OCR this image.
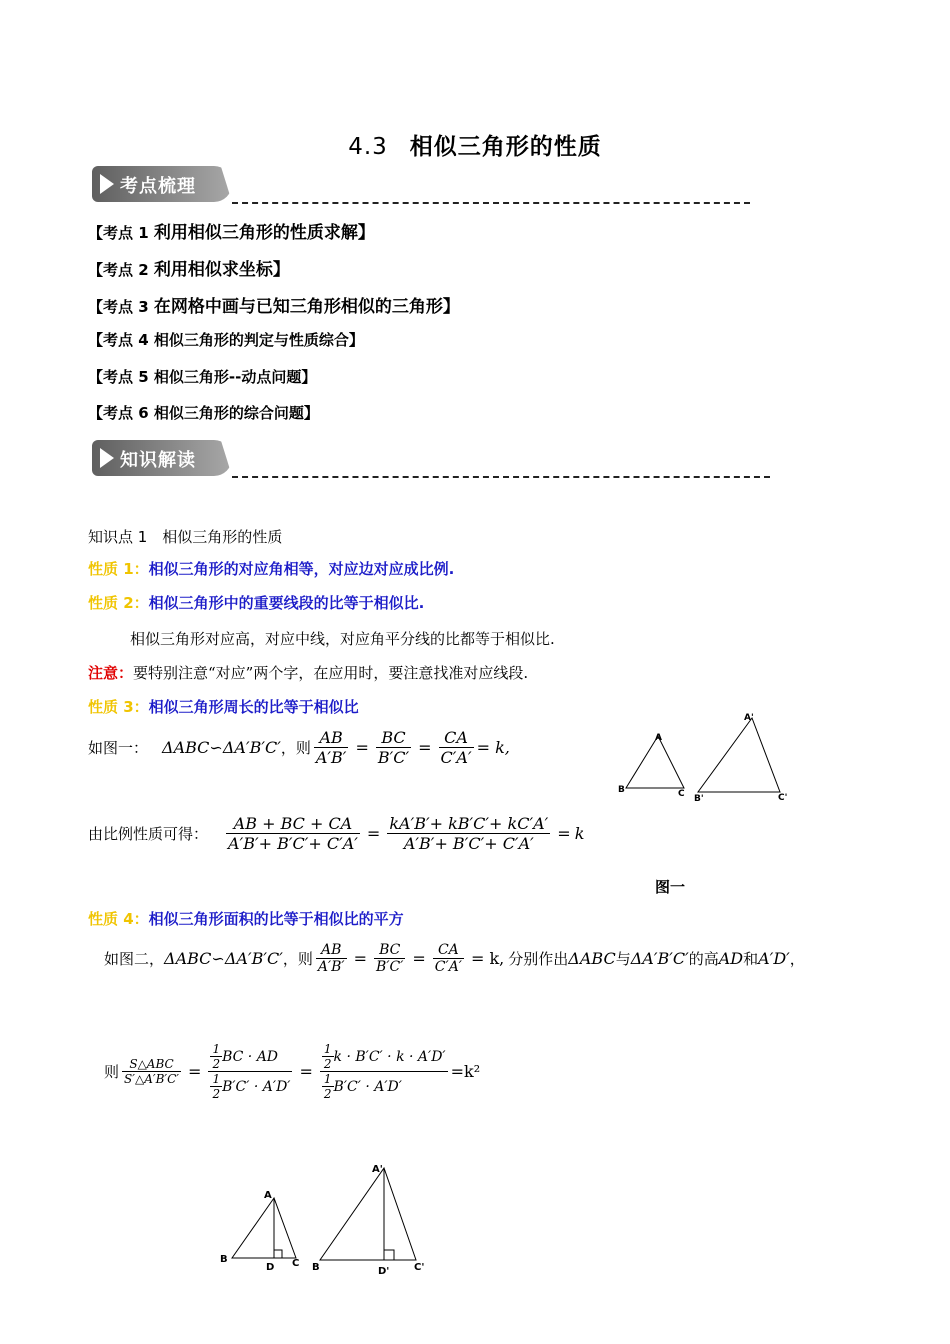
4.3 相似三角形的性质
考点梳理
【考点 1 利用相似三角形的性质求解】
【考点 2 利用相似求坐标】
【考点 3 在网格中画与已知三角形相似的三角形】
【考点 4 相似三角形的判定与性质综合】
【考点 5 相似三角形--动点问题】
【考点 6 相似三角形的综合问题】
知识解读
知识点 1　相似三角形的性质
性质 1：相似三角形的对应角相等，对应边对应成比例.
性质 2：相似三角形中的重要线段的比等于相似比.
相似三角形对应高，对应中线，对应角平分线的比都等于相似比.
注意：要特别注意“对应”两个字，在应用时，要注意找准对应线段.
性质 3：相似三角形周长的比等于相似比
如图一： ΔABC∽ΔA′B′C′ ，则 $\frac{AB}{A'B'} = \frac{BC}{B'C'} = \frac{CA}{C'A'} = k$,	A
B	C
A'
B'	C'
由比例性质可得： $\frac{AB + BC + CA}{A'B'+ B'C'+ C'A'} = \frac{kA'B'+ kB'C'+ kC'A'}{A'B'+ B'C'+ C'A'} = k$
图一
性质 4：相似三角形面积的比等于相似比的平方
如图二， ΔABC∽ΔA′B′C′ ，则 $\frac{AB}{A'B'} = \frac{BC}{B'C'} = \frac{CA}{C'A'} = k$, 分别作出 ΔABC 与 ΔA′B′C′ 的高 AD 和 A′D′ ，
则 $\frac{\text{S△ABC}}{S'\triangle A'B'C'} = \frac{\frac{1}{2} BC \cdot AD}{\frac{1}{2} B'C' \cdot A'D'} = \frac{\frac{1}{2} k \cdot B'C' \cdot k \cdot A'D'}{\frac{1}{2} B'C' \cdot A'D'} =k^2$
A
B	C
D
A'
B	C'
D'
